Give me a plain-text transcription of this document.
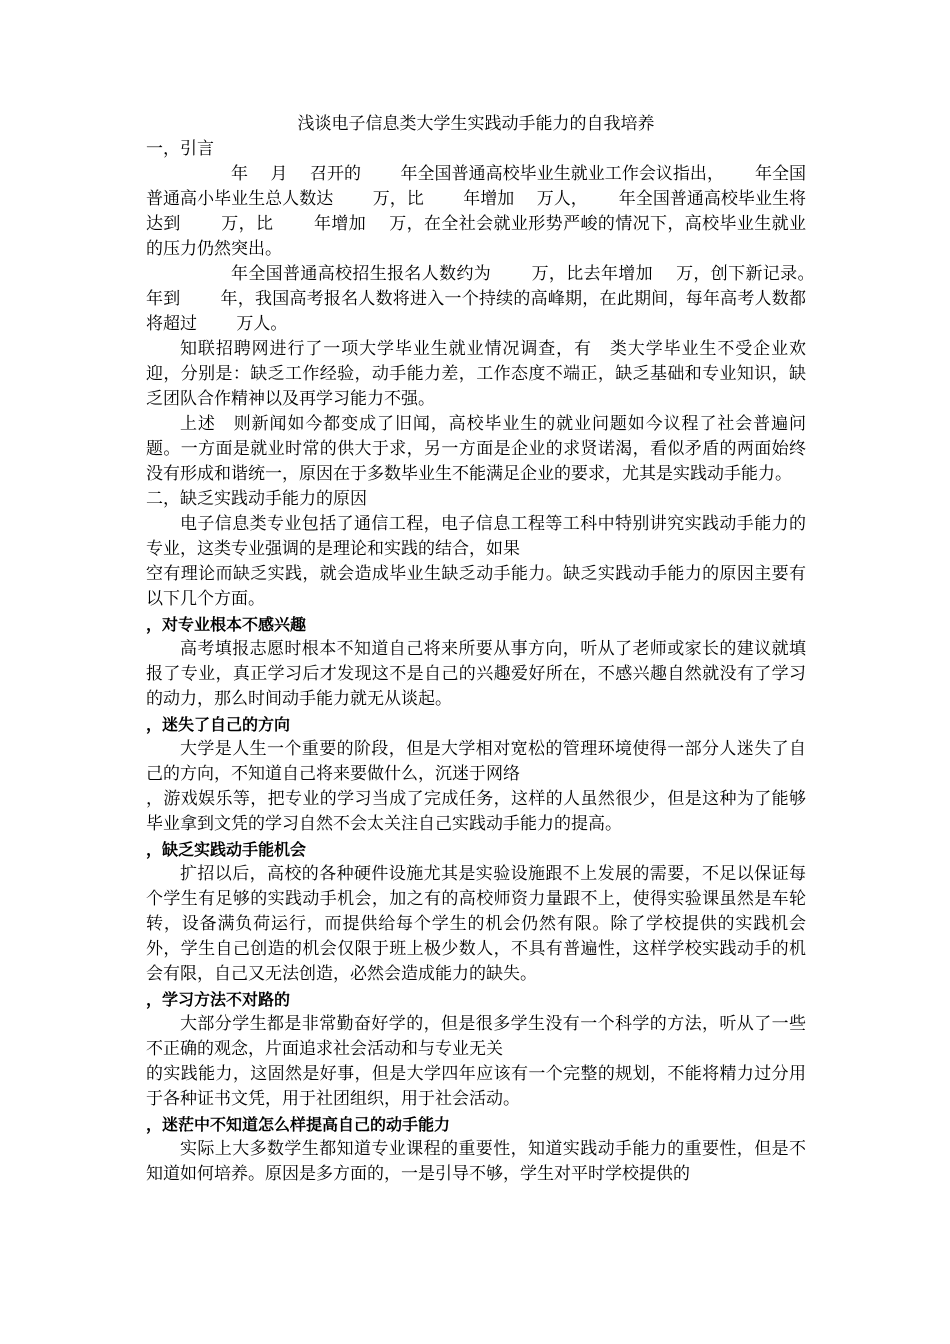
浅谈电子信息类大学生实践动手能力的自我培养
一，引言

年　 月　 召开的　　 年全国普通高校毕业生就业工作会议指出，　　 年全国普通高小毕业生总人数达　　 万，比　　 年增加　 万人，　　 年全国普通高校毕业生将达到　　 万，比　　 年增加　 万，在全社会就业形势严峻的情况下，高校毕业生就业的压力仍然突出。

年全国普通高校招生报名人数约为　　 万，比去年增加　 万，创下新记录。　　 年到　　 年，我国高考报名人数将进入一个持续的高峰期，在此期间，每年高考人数都将超过　　 万人。

知联招聘网进行了一项大学毕业生就业情况调查，有　类大学毕业生不受企业欢迎，分别是：缺乏工作经验，动手能力差，工作态度不端正，缺乏基础和专业知识，缺乏团队合作精神以及再学习能力不强。

上述　则新闻如今都变成了旧闻，高校毕业生的就业问题如今议程了社会普遍问题。一方面是就业时常的供大于求，另一方面是企业的求贤诺渴，看似矛盾的两面始终没有形成和谐统一，原因在于多数毕业生不能满足企业的要求，尤其是实践动手能力。

二，缺乏实践动手能力的原因

电子信息类专业包括了通信工程，电子信息工程等工科中特别讲究实践动手能力的专业，这类专业强调的是理论和实践的结合，如果

空有理论而缺乏实践，就会造成毕业生缺乏动手能力。缺乏实践动手能力的原因主要有以下几个方面。

，对专业根本不感兴趣

高考填报志愿时根本不知道自己将来所要从事方向，听从了老师或家长的建议就填报了专业，真正学习后才发现这不是自己的兴趣爱好所在，不感兴趣自然就没有了学习的动力，那么时间动手能力就无从谈起。

，迷失了自己的方向

大学是人生一个重要的阶段，但是大学相对宽松的管理环境使得一部分人迷失了自己的方向，不知道自己将来要做什么，沉迷于网络

，游戏娱乐等，把专业的学习当成了完成任务，这样的人虽然很少，但是这种为了能够毕业拿到文凭的学习自然不会太关注自己实践动手能力的提高。

，缺乏实践动手能机会

扩招以后，高校的各种硬件设施尤其是实验设施跟不上发展的需要，不足以保证每个学生有足够的实践动手机会，加之有的高校师资力量跟不上，使得实验课虽然是车轮转，设备满负荷运行，而提供给每个学生的机会仍然有限。除了学校提供的实践机会外，学生自己创造的机会仅限于班上极少数人，不具有普遍性，这样学校实践动手的机会有限，自己又无法创造，必然会造成能力的缺失。

，学习方法不对路的

大部分学生都是非常勤奋好学的，但是很多学生没有一个科学的方法，听从了一些不正确的观念，片面追求社会活动和与专业无关

的实践能力，这固然是好事，但是大学四年应该有一个完整的规划，不能将精力过分用于各种证书文凭，用于社团组织，用于社会活动。

，迷茫中不知道怎么样提高自己的动手能力

实际上大多数学生都知道专业课程的重要性，知道实践动手能力的重要性，但是不知道如何培养。原因是多方面的，一是引导不够，学生对平时学校提供的
